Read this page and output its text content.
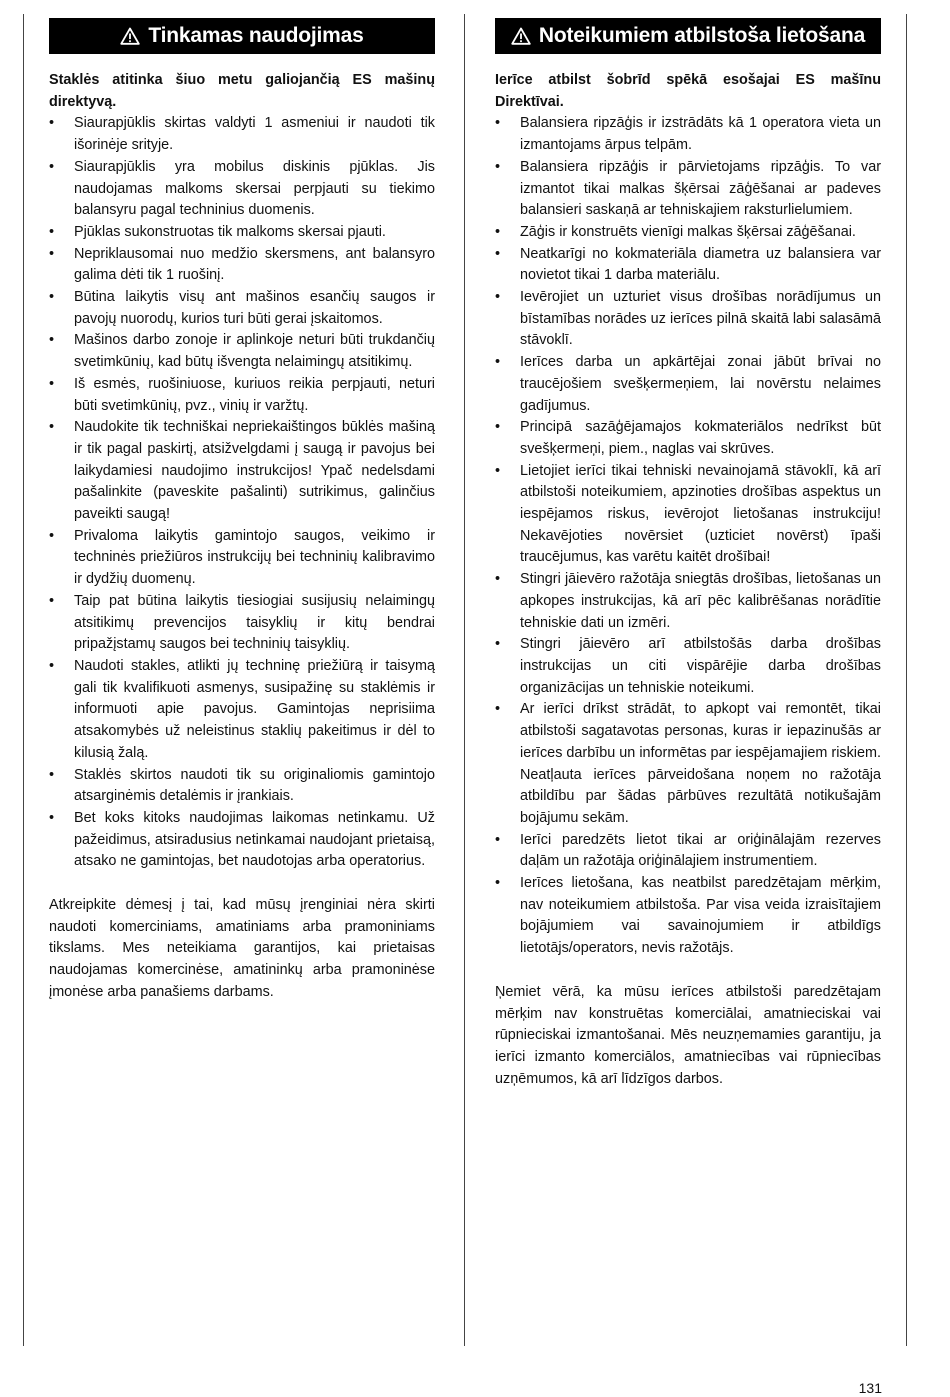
Tinkamas naudojimas
Staklės atitinka šiuo metu galiojančią ES mašinų direktyvą.
• Siaurapjūklis skirtas valdyti 1 asmeniui ir naudoti tik išorinėje srityje.
• Siaurapjūklis yra mobilus diskinis pjūklas. Jis naudojamas malkoms skersai perpjauti su tiekimo balansyru pagal techninius duomenis.
• Pjūklas sukonstruotas tik malkoms skersai pjauti.
• Nepriklausomai nuo medžio skersmens, ant balansyro galima dėti tik 1 ruošinį.
• Būtina laikytis visų ant mašinos esančių saugos ir pavojų nuorodų, kurios turi būti gerai įskaitomos.
• Mašinos darbo zonoje ir aplinkoje neturi būti trukdančių svetimkūnių, kad būtų išvengta nelaimingų atsitikimų.
• Iš esmės, ruošiniuose, kuriuos reikia perpjauti, neturi būti svetimkūnių, pvz., vinių ir varžtų.
• Naudokite tik techniškai nepriekaištingos būklės mašiną ir tik pagal paskirtį, atsižvelgdami į saugą ir pavojus bei laikydamiesi naudojimo instrukcijos! Ypač nedelsdami pašalinkite (paveskite pašalinti) sutrikimus, galinčius paveikti saugą!
• Privaloma laikytis gamintojo saugos, veikimo ir techninės priežiūros instrukcijų bei techninių kalibravimo ir dydžių duomenų.
• Taip pat būtina laikytis tiesiogiai susijusių nelaimingų atsitikimų prevencijos taisyklių ir kitų bendrai pripažįstamų saugos bei techninių taisyklių.
• Naudoti stakles, atlikti jų techninę priežiūrą ir taisymą gali tik kvalifikuoti asmenys, susipažinę su staklėmis ir informuoti apie pavojus. Gamintojas neprisiima atsakomybės už neleistinus staklių pakeitimus ir dėl to kilusią žalą.
• Staklės skirtos naudoti tik su originaliomis gamintojo atsarginėmis detalėmis ir įrankiais.
• Bet koks kitoks naudojimas laikomas netinkamu. Už pažeidimus, atsiradusius netinkamai naudojant prietaisą, atsako ne gamintojas, bet naudotojas arba operatorius.
Atkreipkite dėmesį į tai, kad mūsų įrenginiai nėra skirti naudoti komerciniams, amatiniams arba pramoniniams tikslams. Mes neteikiama garantijos, kai prietaisas naudojamas komercinėse, amatininkų arba pramoninėse įmonėse arba panašiems darbams.
Noteikumiem atbilstoša lietošana
Ierīce atbilst šobrīd spēkā esošajai ES mašīnu Direktīvai.
• Balansiera ripzāģis ir izstrādāts kā 1 operatora vieta un izmantojams ārpus telpām.
• Balansiera ripzāģis ir pārvietojams ripzāģis. To var izmantot tikai malkas šķērsai zāģēšanai ar padeves balansieri saskaņā ar tehniskajiem raksturlielumiem.
• Zāģis ir konstruēts vienīgi malkas šķērsai zāģēšanai.
• Neatkarīgi no kokmateriāla diametra uz balansiera var novietot tikai 1 darba materiālu.
• Ievērojiet un uzturiet visus drošības norādījumus un bīstamības norādes uz ierīces pilnā skaitā labi salasāmā stāvoklī.
• Ierīces darba un apkārtējai zonai jābūt brīvai no traucējošiem svešķermeņiem, lai novērstu nelaimes gadījumus.
• Principā sazāģējamajos kokmateriālos nedrīkst būt svešķermeņi, piem., naglas vai skrūves.
• Lietojiet ierīci tikai tehniski nevainojamā stāvoklī, kā arī atbilstoši noteikumiem, apzinoties drošības aspektus un iespējamos riskus, ievērojot lietošanas instrukciju! Nekavējoties novērsiet (uzticiet novērst) īpaši traucējumus, kas varētu kaitēt drošībai!
• Stingri jāievēro ražotāja sniegtās drošības, lietošanas un apkopes instrukcijas, kā arī pēc kalibrēšanas norādītie tehniskie dati un izmēri.
• Stingri jāievēro arī atbilstošās darba drošības instrukcijas un citi vispārējie darba drošības organizācijas un tehniskie noteikumi.
• Ar ierīci drīkst strādāt, to apkopt vai remontēt, tikai atbilstoši sagatavotas personas, kuras ir iepazinušās ar ierīces darbību un informētas par iespējamajiem riskiem. Neatļauta ierīces pārveidošana noņem no ražotāja atbildību par šādas pārbūves rezultātā notikušajām bojājumu sekām.
• Ierīci paredzēts lietot tikai ar oriģinālajām rezerves daļām un ražotāja oriģinālajiem instrumentiem.
• Ierīces lietošana, kas neatbilst paredzētajam mērķim, nav noteikumiem atbilstoša. Par visa veida izraisītajiem bojājumiem vai savainojumiem ir atbildīgs lietotājs/operators, nevis ražotājs.
Ņemiet vērā, ka mūsu ierīces atbilstoši paredzētajam mērķim nav konstruētas komerciālai, amatnieciskai vai rūpnieciskai izmantošanai. Mēs neuzņemamies garantiju, ja ierīci izmanto komerciālos, amatniecības vai rūpniecības uzņēmumos, kā arī līdzīgos darbos.
131
